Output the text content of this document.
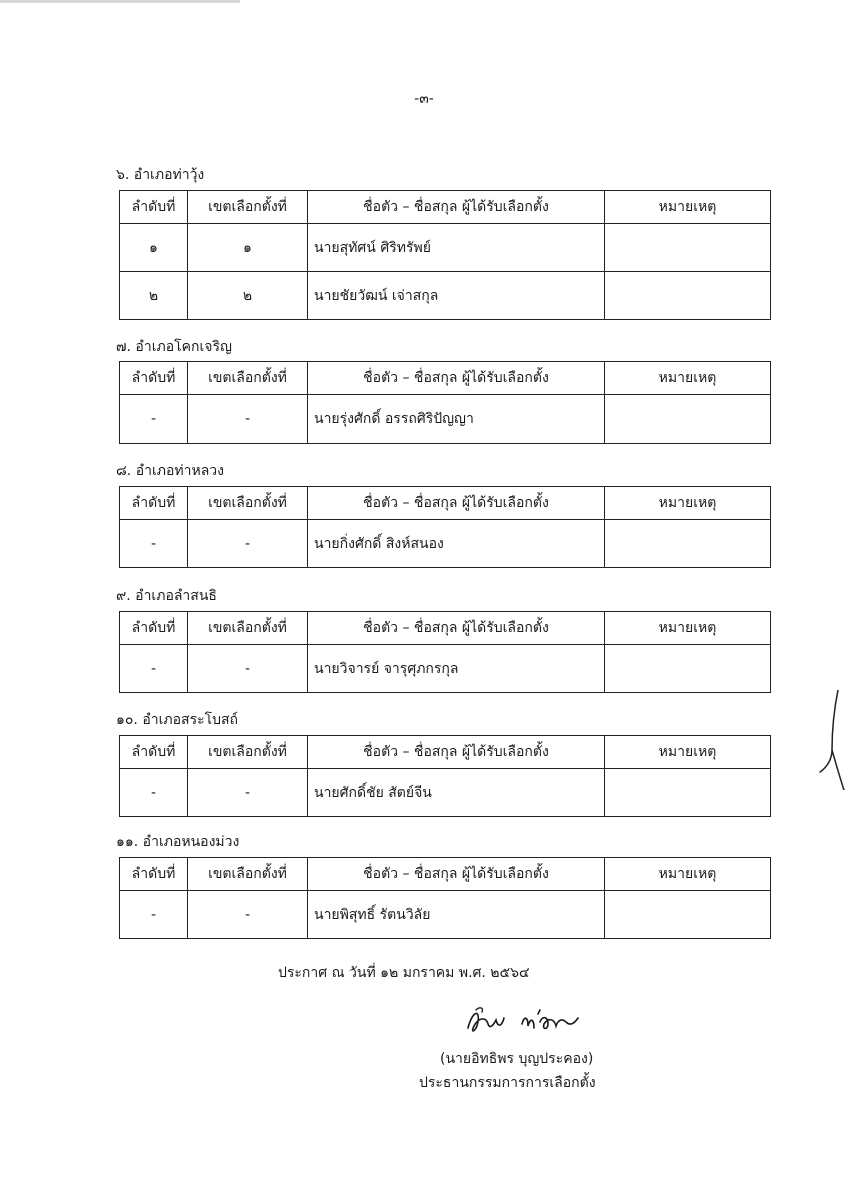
-๓-
๖. อำเภอท่าวุ้ง
ลำดับที่	เขตเลือกตั้งที่	ชื่อตัว – ชื่อสกุล ผู้ได้รับเลือกตั้ง	หมายเหตุ
๑	๑	นายสุทัศน์ ศิริทรัพย์	
๒	๒	นายชัยวัฒน์ เจ่าสกุล	
๗. อำเภอโคกเจริญ
ลำดับที่	เขตเลือกตั้งที่	ชื่อตัว – ชื่อสกุล ผู้ได้รับเลือกตั้ง	หมายเหตุ
-	-	นายรุ่งศักดิ์ อรรถศิริปัญญา	
๘. อำเภอท่าหลวง
ลำดับที่	เขตเลือกตั้งที่	ชื่อตัว – ชื่อสกุล ผู้ได้รับเลือกตั้ง	หมายเหตุ
-	-	นายกิ่งศักดิ์ สิงห์สนอง	
๙. อำเภอลำสนธิ
ลำดับที่	เขตเลือกตั้งที่	ชื่อตัว – ชื่อสกุล ผู้ได้รับเลือกตั้ง	หมายเหตุ
-	-	นายวิจารย์ จารุศุภกรกุล	
๑๐. อำเภอสระโบสถ์
ลำดับที่	เขตเลือกตั้งที่	ชื่อตัว – ชื่อสกุล ผู้ได้รับเลือกตั้ง	หมายเหตุ
-	-	นายศักดิ์ชัย สัตย์จีน	
๑๑. อำเภอหนองม่วง
ลำดับที่	เขตเลือกตั้งที่	ชื่อตัว – ชื่อสกุล ผู้ได้รับเลือกตั้ง	หมายเหตุ
-	-	นายพิสุทธิ์ รัตนวิลัย	
ประกาศ ณ วันที่ ๑๒ มกราคม พ.ศ. ๒๕๖๔
(นายอิทธิพร บุญประคอง)
ประธานกรรมการการเลือกตั้ง
